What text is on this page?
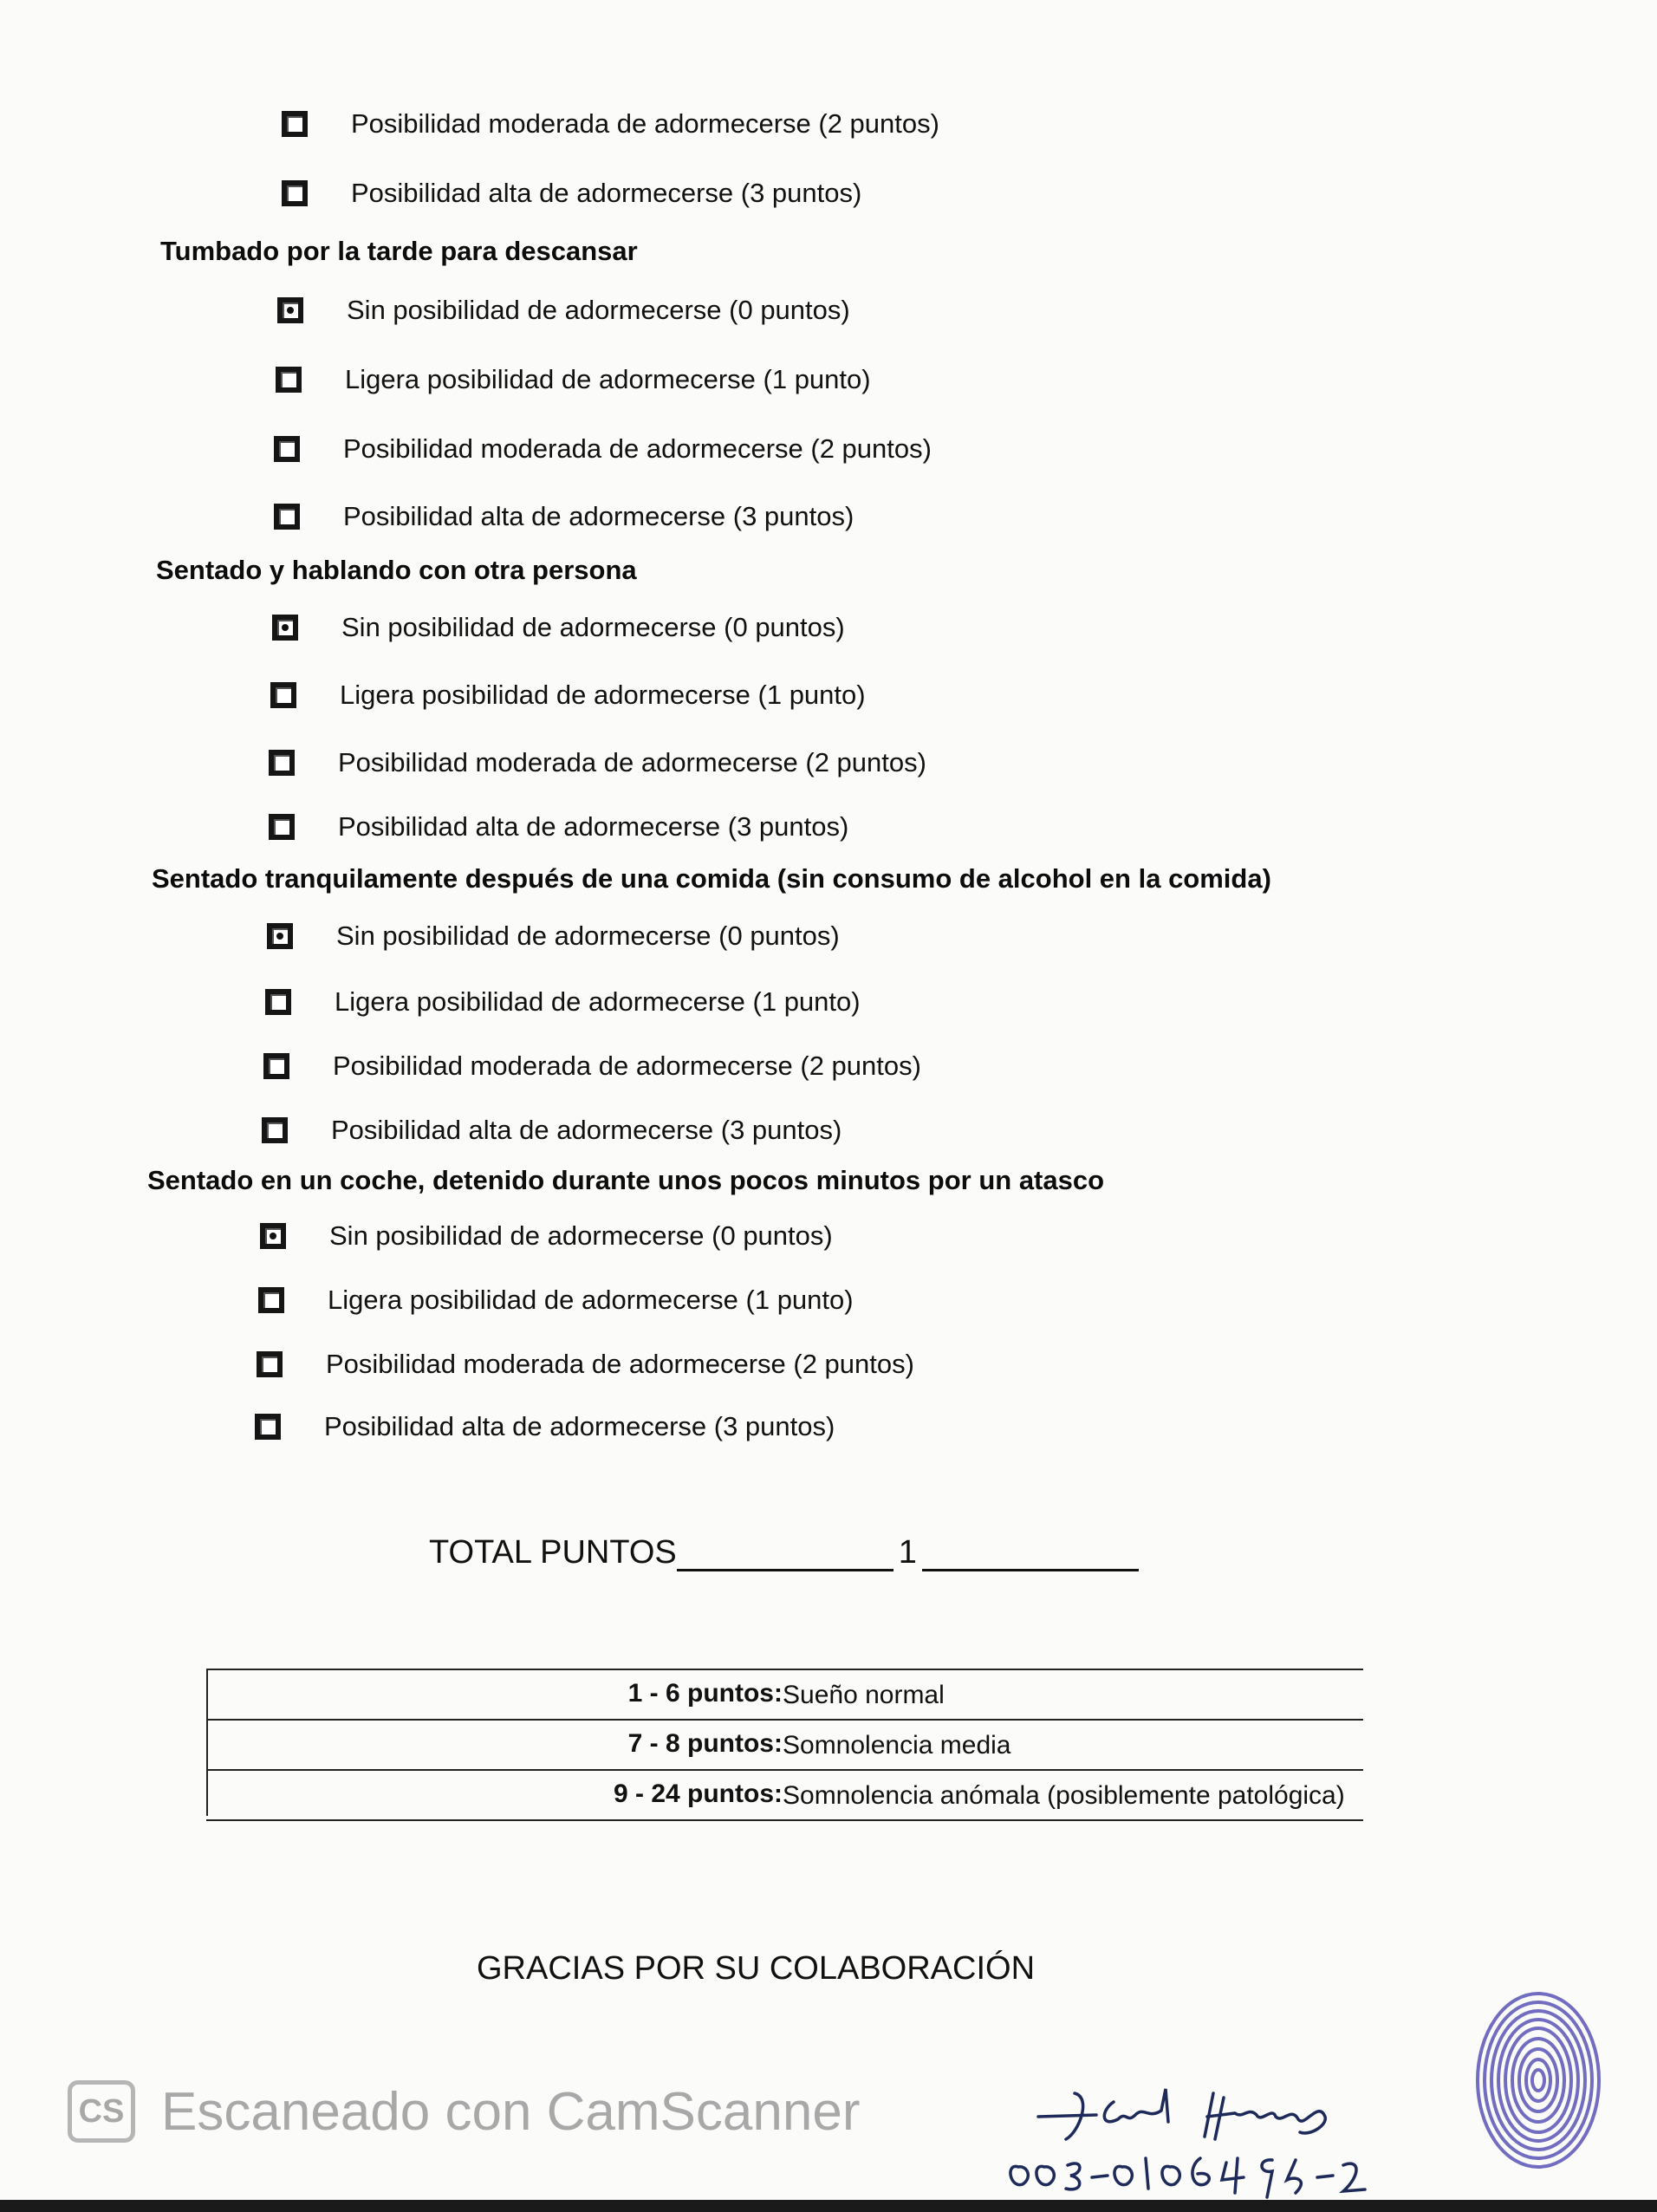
Posibilidad moderada de adormecerse (2 puntos)
Posibilidad alta de adormecerse (3 puntos)
Tumbado por la tarde para descansar
Sin posibilidad de adormecerse (0 puntos)
Ligera posibilidad de adormecerse (1 punto)
Posibilidad moderada de adormecerse (2 puntos)
Posibilidad alta de adormecerse (3 puntos)
Sentado y hablando con otra persona
Sin posibilidad de adormecerse (0 puntos)
Ligera posibilidad de adormecerse (1 punto)
Posibilidad moderada de adormecerse (2 puntos)
Posibilidad alta de adormecerse (3 puntos)
Sentado tranquilamente después de una comida (sin consumo de alcohol en la comida)
Sin posibilidad de adormecerse (0 puntos)
Ligera posibilidad de adormecerse (1 punto)
Posibilidad moderada de adormecerse (2 puntos)
Posibilidad alta de adormecerse (3 puntos)
Sentado en un coche, detenido durante unos pocos minutos por un atasco
Sin posibilidad de adormecerse (0 puntos)
Ligera posibilidad de adormecerse (1 punto)
Posibilidad moderada de adormecerse (2 puntos)
Posibilidad alta de adormecerse (3 puntos)
TOTAL PUNTOS	1
1 - 6 puntos: Sueño normal
7 - 8 puntos: Somnolencia media
9 - 24 puntos: Somnolencia anómala (posiblemente patológica)
GRACIAS POR SU COLABORACIÓN
CS Escaneado con CamScanner
